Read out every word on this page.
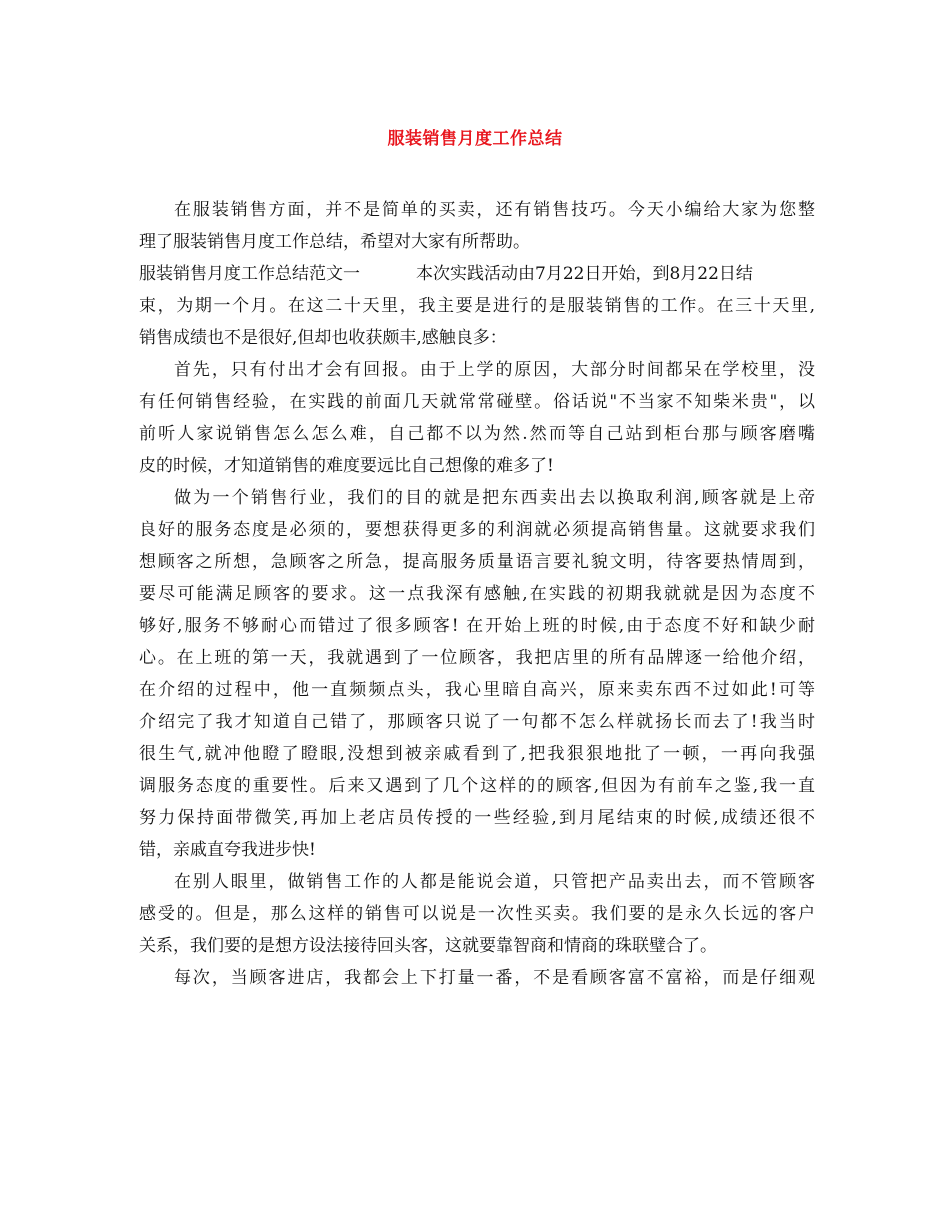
服装销售月度工作总结
在服装销售方面，并不是简单的买卖，还有销售技巧。今天小编给大家为您整
理了服装销售月度工作总结，希望对大家有所帮助。
服装销售月度工作总结范文一	本次实践活动由7月22日开始，到8月22日结
束，为期一个月。在这二十天里，我主要是进行的是服装销售的工作。在三十天里,
销售成绩也不是很好,但却也收获颇丰,感触良多：
首先，只有付出才会有回报。由于上学的原因，大部分时间都呆在学校里，没
有任何销售经验，在实践的前面几天就常常碰壁。俗话说"不当家不知柴米贵"，以
前听人家说销售怎么怎么难，自己都不以为然.然而等自己站到柜台那与顾客磨嘴
皮的时候，才知道销售的难度要远比自己想像的难多了!
做为一个销售行业，我们的目的就是把东西卖出去以换取利润,顾客就是上帝
良好的服务态度是必须的，要想获得更多的利润就必须提高销售量。这就要求我们
想顾客之所想，急顾客之所急，提高服务质量语言要礼貌文明，待客要热情周到，
要尽可能满足顾客的要求。这一点我深有感触,在实践的初期我就就是因为态度不
够好,服务不够耐心而错过了很多顾客! 在开始上班的时候,由于态度不好和缺少耐
心。在上班的第一天，我就遇到了一位顾客，我把店里的所有品牌逐一给他介绍，
在介绍的过程中，他一直频频点头，我心里暗自高兴，原来卖东西不过如此!可等
介绍完了我才知道自己错了，那顾客只说了一句都不怎么样就扬长而去了!我当时
很生气,就冲他瞪了瞪眼,没想到被亲戚看到了,把我狠狠地批了一顿，一再向我强
调服务态度的重要性。后来又遇到了几个这样的的顾客,但因为有前车之鉴,我一直
努力保持面带微笑,再加上老店员传授的一些经验,到月尾结束的时候,成绩还很不
错，亲戚直夸我进步快!
在别人眼里，做销售工作的人都是能说会道，只管把产品卖出去，而不管顾客
感受的。但是，那么这样的销售可以说是一次性买卖。我们要的是永久长远的客户
关系，我们要的是想方设法接待回头客，这就要靠智商和情商的珠联璧合了。
每次，当顾客进店，我都会上下打量一番，不是看顾客富不富裕，而是仔细观
